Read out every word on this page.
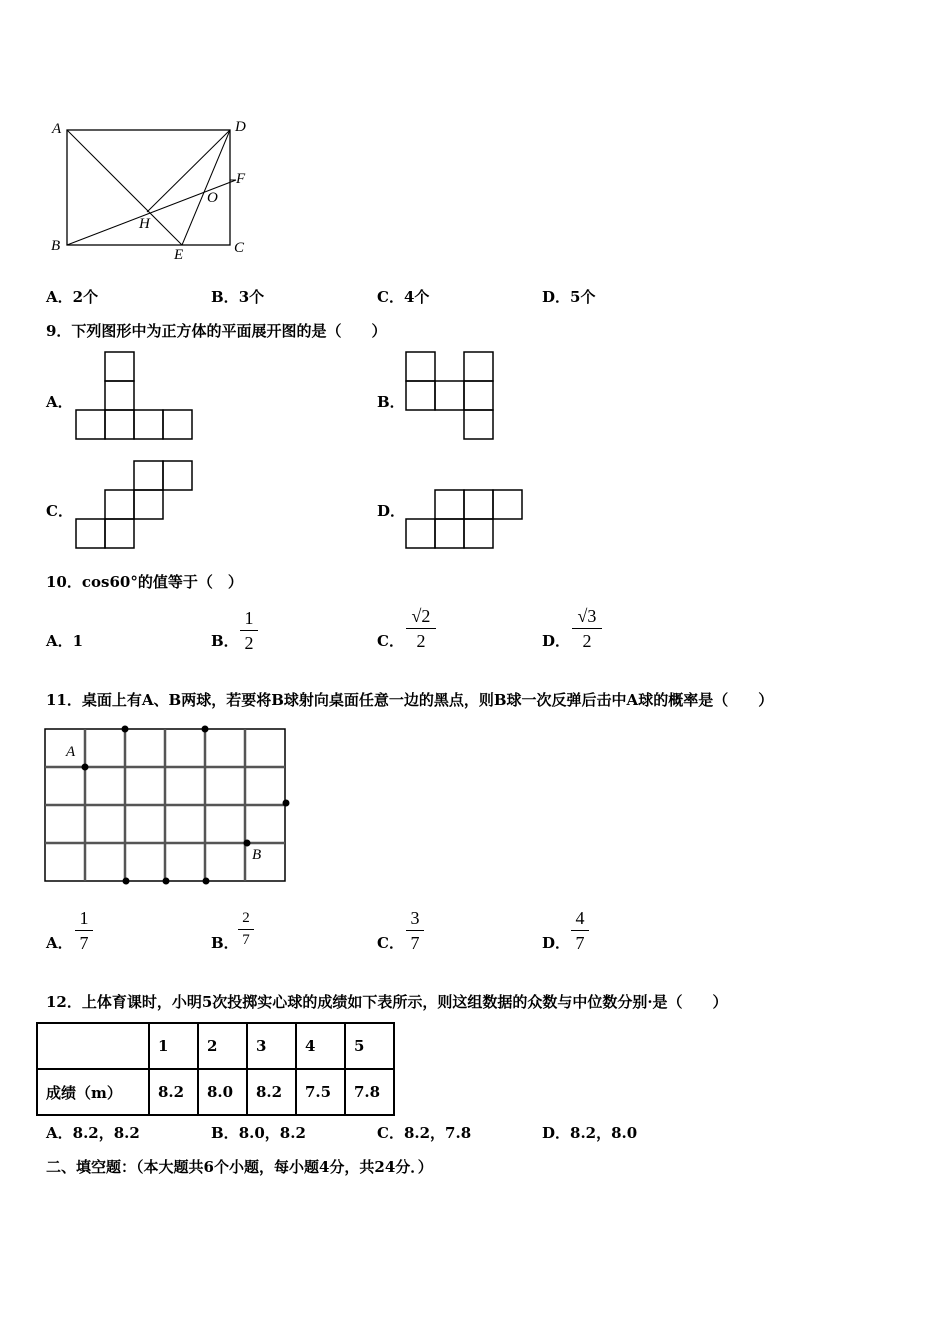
A	D
F
O
H
B
E	C
A．2个	B．3个	C．4个	D．5个
9．下列图形中为正方体的平面展开图的是（　　）
A．	B．
C．	D．
10．cos60°的值等于（　）
A．1	B．
1
2	C．
√2
2	D．
√3
2
11．桌面上有A、B两球，若要将B球射向桌面任意一边的黑点，则B球一次反弹后击中A球的概率是（　　）
A
B
A．
1
7	B．
2
7	C．
3
7	D．
4
7
12．上体育课时，小明5次投掷实心球的成绩如下表所示，则这组数据的众数与中位数分别·是（　　）
	1	2	3	4	5
成绩（m）	8.2	8.0	8.2	7.5	7.8
A．8.2，8.2	B．8.0，8.2	C．8.2，7.8	D．8.2，8.0
二、填空题：（本大题共6个小题，每小题4分，共24分．）
